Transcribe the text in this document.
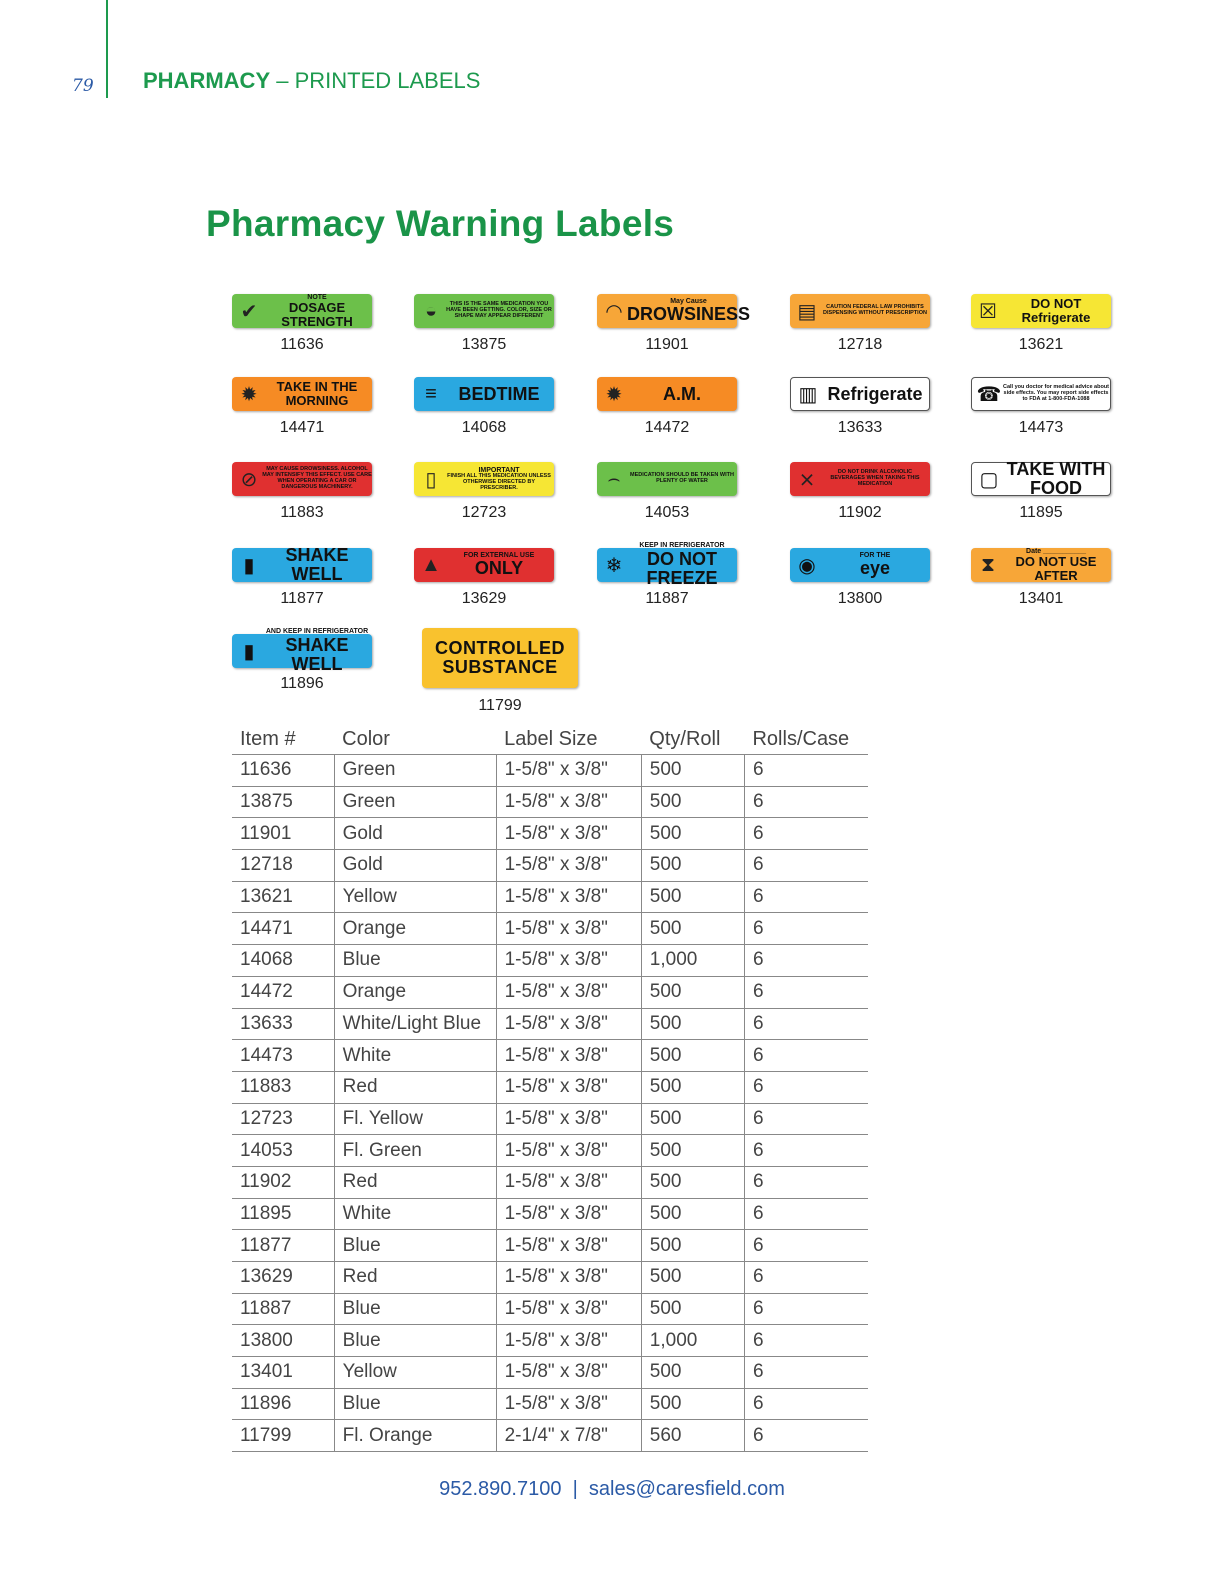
79 PHARMACY – PRINTED LABELS
Pharmacy Warning Labels
✔
NOTE
DOSAGE STRENGTH
11636
◒	THIS IS THE SAME MEDICATION YOU HAVE BEEN GETTING. COLOR, SIZE OR SHAPE MAY APPEAR DIFFERENT
13875
◠	May Cause
DROWSINESS
11901
▤	CAUTION FEDERAL LAW PROHIBITS DISPENSING WITHOUT PRESCRIPTION
12718
☒	DO NOT Refrigerate
13621
✹	TAKE IN THE MORNING
14471
≡	BEDTIME
14068
✹	A.M.
14472
▥ Refrigerate
13633
☎ Call you doctor for medical advice about side effects. You may report side effects to FDA at 1-800-FDA-1088
14473
⊘	MAY CAUSE DROWSINESS. ALCOHOL MAY INTENSIFY THIS EFFECT. USE CARE WHEN OPERATING A CAR OR DANGEROUS MACHINERY.
11883
▯	IMPORTANT
FINISH ALL THIS MEDICATION UNLESS OTHERWISE DIRECTED BY PRESCRIBER.
12723
⌢	MEDICATION SHOULD BE TAKEN WITH PLENTY OF WATER
14053
⨯	DO NOT DRINK ALCOHOLIC BEVERAGES WHEN TAKING THIS MEDICATION
11902
▢ TAKE WITH FOOD
11895
▮	SHAKE WELL
11877
▲	FOR EXTERNAL USE
ONLY
13629
❄
KEEP IN REFRIGERATOR
DO NOT FREEZE
11887
◉	FOR THE
eye
13800
⧗
Date ___________
DO NOT USE AFTER
13401
▮
AND KEEP IN REFRIGERATOR
SHAKE WELL
11896
CONTROLLED SUBSTANCE
11799
Item #	Color	Label Size	Qty/Roll	Rolls/Case
11636	Green	1-5/8" x 3/8"	500	6
13875	Green	1-5/8" x 3/8"	500	6
11901	Gold	1-5/8" x 3/8"	500	6
12718	Gold	1-5/8" x 3/8"	500	6
13621	Yellow	1-5/8" x 3/8"	500	6
14471	Orange	1-5/8" x 3/8"	500	6
14068	Blue	1-5/8" x 3/8"	1,000	6
14472	Orange	1-5/8" x 3/8"	500	6
13633	White/Light Blue	1-5/8" x 3/8"	500	6
14473	White	1-5/8" x 3/8"	500	6
11883	Red	1-5/8" x 3/8"	500	6
12723	Fl. Yellow	1-5/8" x 3/8"	500	6
14053	Fl. Green	1-5/8" x 3/8"	500	6
11902	Red	1-5/8" x 3/8"	500	6
11895	White	1-5/8" x 3/8"	500	6
11877	Blue	1-5/8" x 3/8"	500	6
13629	Red	1-5/8" x 3/8"	500	6
11887	Blue	1-5/8" x 3/8"	500	6
13800	Blue	1-5/8" x 3/8"	1,000	6
13401	Yellow	1-5/8" x 3/8"	500	6
11896	Blue	1-5/8" x 3/8"	500	6
11799	Fl. Orange	2-1/4" x 7/8"	560	6
952.890.7100 | sales@caresfield.com
